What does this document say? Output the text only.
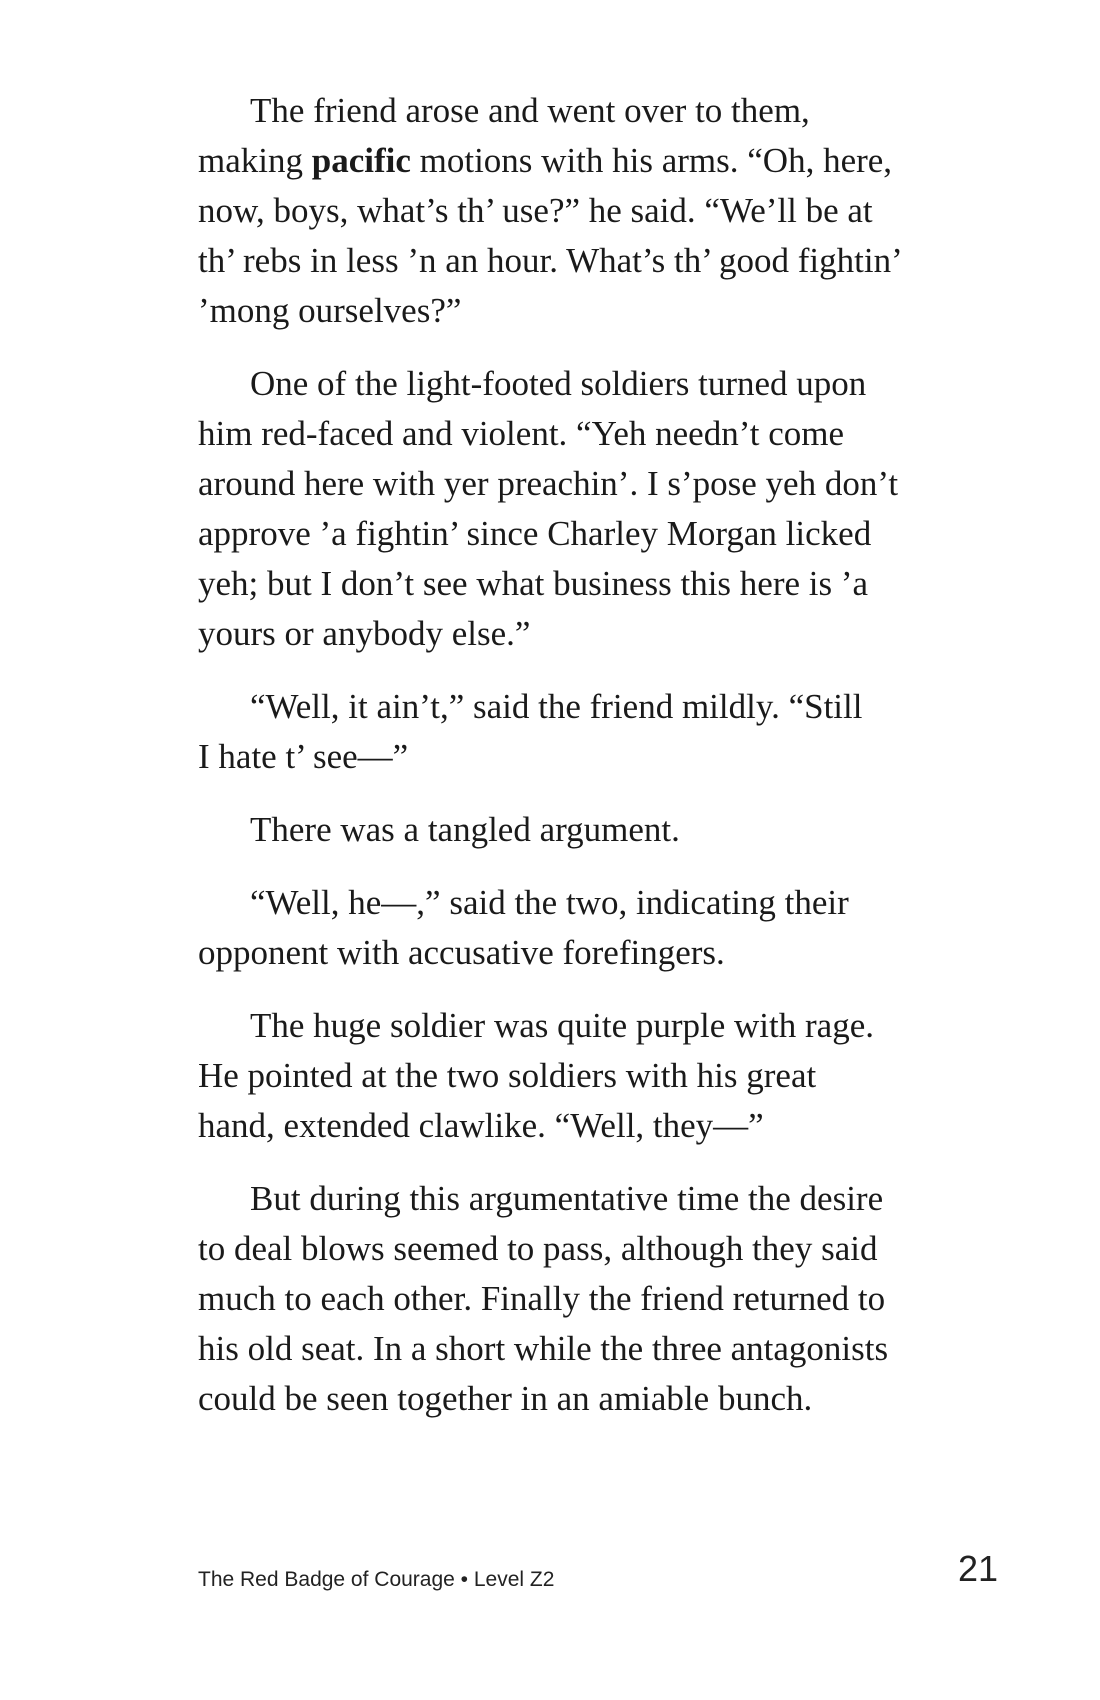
The friend arose and went over to them,
making pacific motions with his arms. “Oh, here,
now, boys, what’s th’ use?” he said. “We’ll be at
th’ rebs in less ’n an hour. What’s th’ good fightin’
’mong ourselves?”

One of the light-footed soldiers turned upon
him red-faced and violent. “Yeh needn’t come
around here with yer preachin’. I s’pose yeh don’t
approve ’a fightin’ since Charley Morgan licked
yeh; but I don’t see what business this here is ’a
yours or anybody else.”

“Well, it ain’t,” said the friend mildly. “Still
I hate t’ see—”

There was a tangled argument.

“Well, he—,” said the two, indicating their
opponent with accusative forefingers.

The huge soldier was quite purple with rage.
He pointed at the two soldiers with his great
hand, extended clawlike. “Well, they—”

But during this argumentative time the desire
to deal blows seemed to pass, although they said
much to each other. Finally the friend returned to
his old seat. In a short while the three antagonists
could be seen together in an amiable bunch.

The Red Badge of Courage • Level Z2	21
